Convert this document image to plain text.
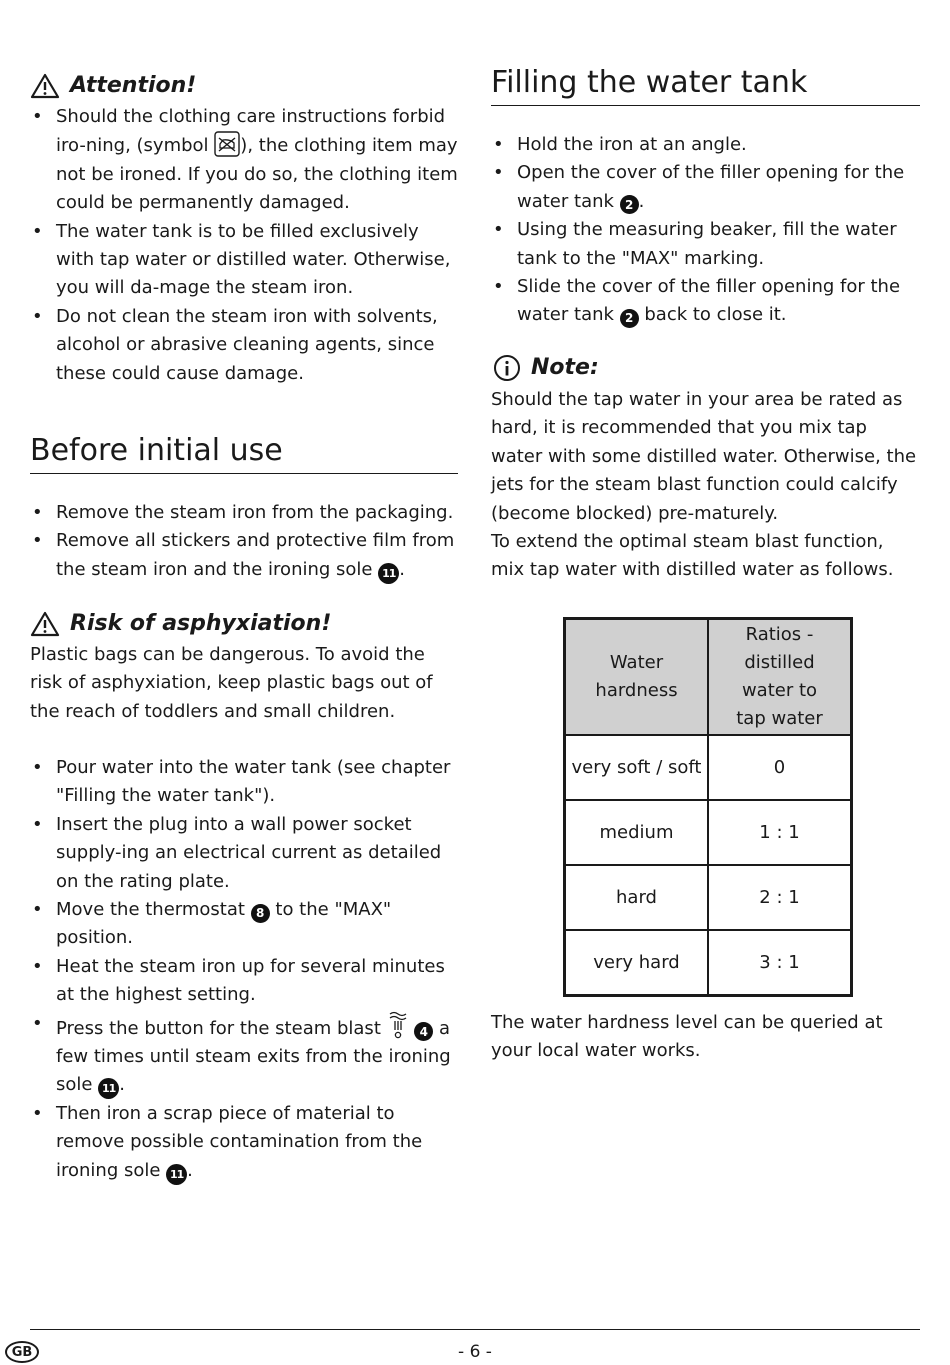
Attention!
• Should the clothing care instructions forbid iro-ning, (symbol ), the clothing item may not be ironed. If you do so, the clothing item could be permanently damaged.
• The water tank is to be filled exclusively with tap water or distilled water. Otherwise, you will da-mage the steam iron.
• Do not clean the steam iron with solvents, alcohol or abrasive cleaning agents, since these could cause damage.
Before initial use
• Remove the steam iron from the packaging.
• Remove all stickers and protective film from the steam iron and the ironing sole 11 .
Risk of asphyxiation!

Plastic bags can be dangerous. To avoid the risk of asphyxiation, keep plastic bags out of the reach of toddlers and small children.

• Pour water into the water tank (see chapter "Filling the water tank").
• Insert the plug into a wall power socket supply-ing an electrical current as detailed on the rating plate.
• Move the thermostat 8 to the "MAX" position.
• Heat the steam iron up for several minutes at the highest setting.
• Press the button for the steam blast	4 a few times until steam exits from the ironing sole 11 .
• Then iron a scrap piece of material to remove possible contamination from the ironing sole 11 .
Filling the water tank
• Hold the iron at an angle.
• Open the cover of the filler opening for the water tank 2 .
• Using the measuring beaker, fill the water tank to the "MAX" marking.
• Slide the cover of the filler opening for the water tank 2 back to close it.
Note:

Should the tap water in your area be rated as hard, it is recommended that you mix tap water with some distilled water. Otherwise, the jets for the steam blast function could calcify (become blocked) pre-maturely.

To extend the optimal steam blast function, mix tap water with distilled water as follows.

Water hardness	Ratios - distilled
water to
tap water
very soft / soft	0
medium	1 : 1
hard	2 : 1
very hard	3 : 1

The water hardness level can be queried at your local water works.

GB	- 6 -
